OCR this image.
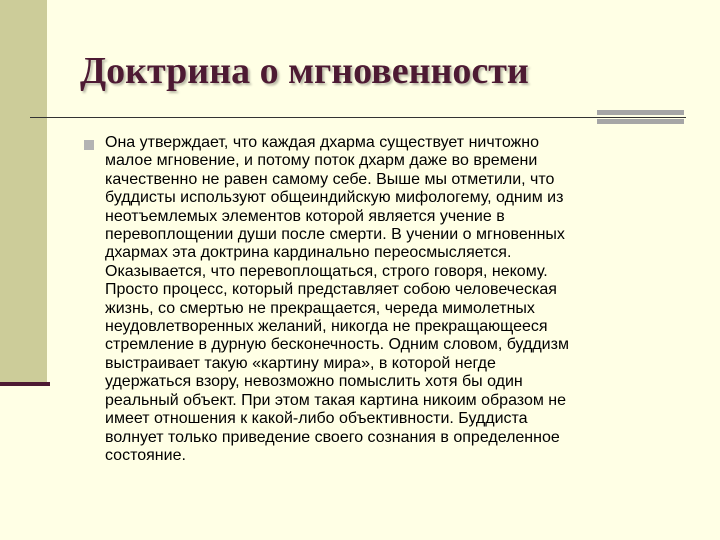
Доктрина о мгновенности

Она утверждает, что каждая дхарма существует ничтожно
малое мгновение, и потому поток дхарм даже во времени
качественно не равен самому себе. Выше мы отметили, что
буддисты используют общеиндийскую мифологему, одним из
неотъемлемых элементов которой является учение в
перевоплощении души после смерти. В учении о мгновенных
дхармах эта доктрина кардинально переосмысляется.
Оказывается, что перевоплощаться, строго говоря, некому.
Просто процесс, который представляет собою человеческая
жизнь, со смертью не прекращается, череда мимолетных
неудовлетворенных желаний, никогда не прекращающееся
стремление в дурную бесконечность. Одним словом, буддизм
выстраивает такую «картину мира», в которой негде
удержаться взору, невозможно помыслить хотя бы один
реальный объект. При этом такая картина никоим образом не
имеет отношения к какой-либо объективности. Буддиста
волнует только приведение своего сознания в определенное
состояние.
